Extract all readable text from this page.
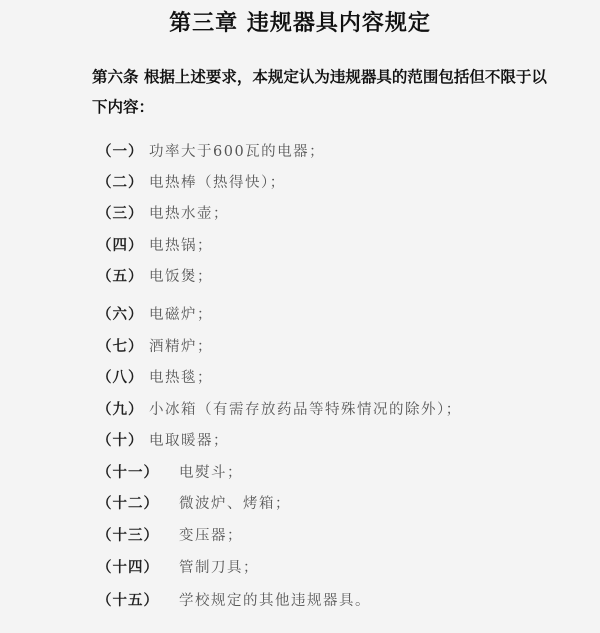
第三章 违规器具内容规定
第六条 根据上述要求，本规定认为违规器具的范围包括但不限于以下内容：
（一） 功率大于600瓦的电器；
（二） 电热棒（热得快）；
（三） 电热水壶；
（四） 电热锅；
（五） 电饭煲；
（六） 电磁炉；
（七） 酒精炉；
（八） 电热毯；
（九） 小冰箱（有需存放药品等特殊情况的除外）；
（十） 电取暖器；
（十一） 电熨斗；
（十二） 微波炉、烤箱；
（十三） 变压器；
（十四） 管制刀具；
（十五） 学校规定的其他违规器具。
